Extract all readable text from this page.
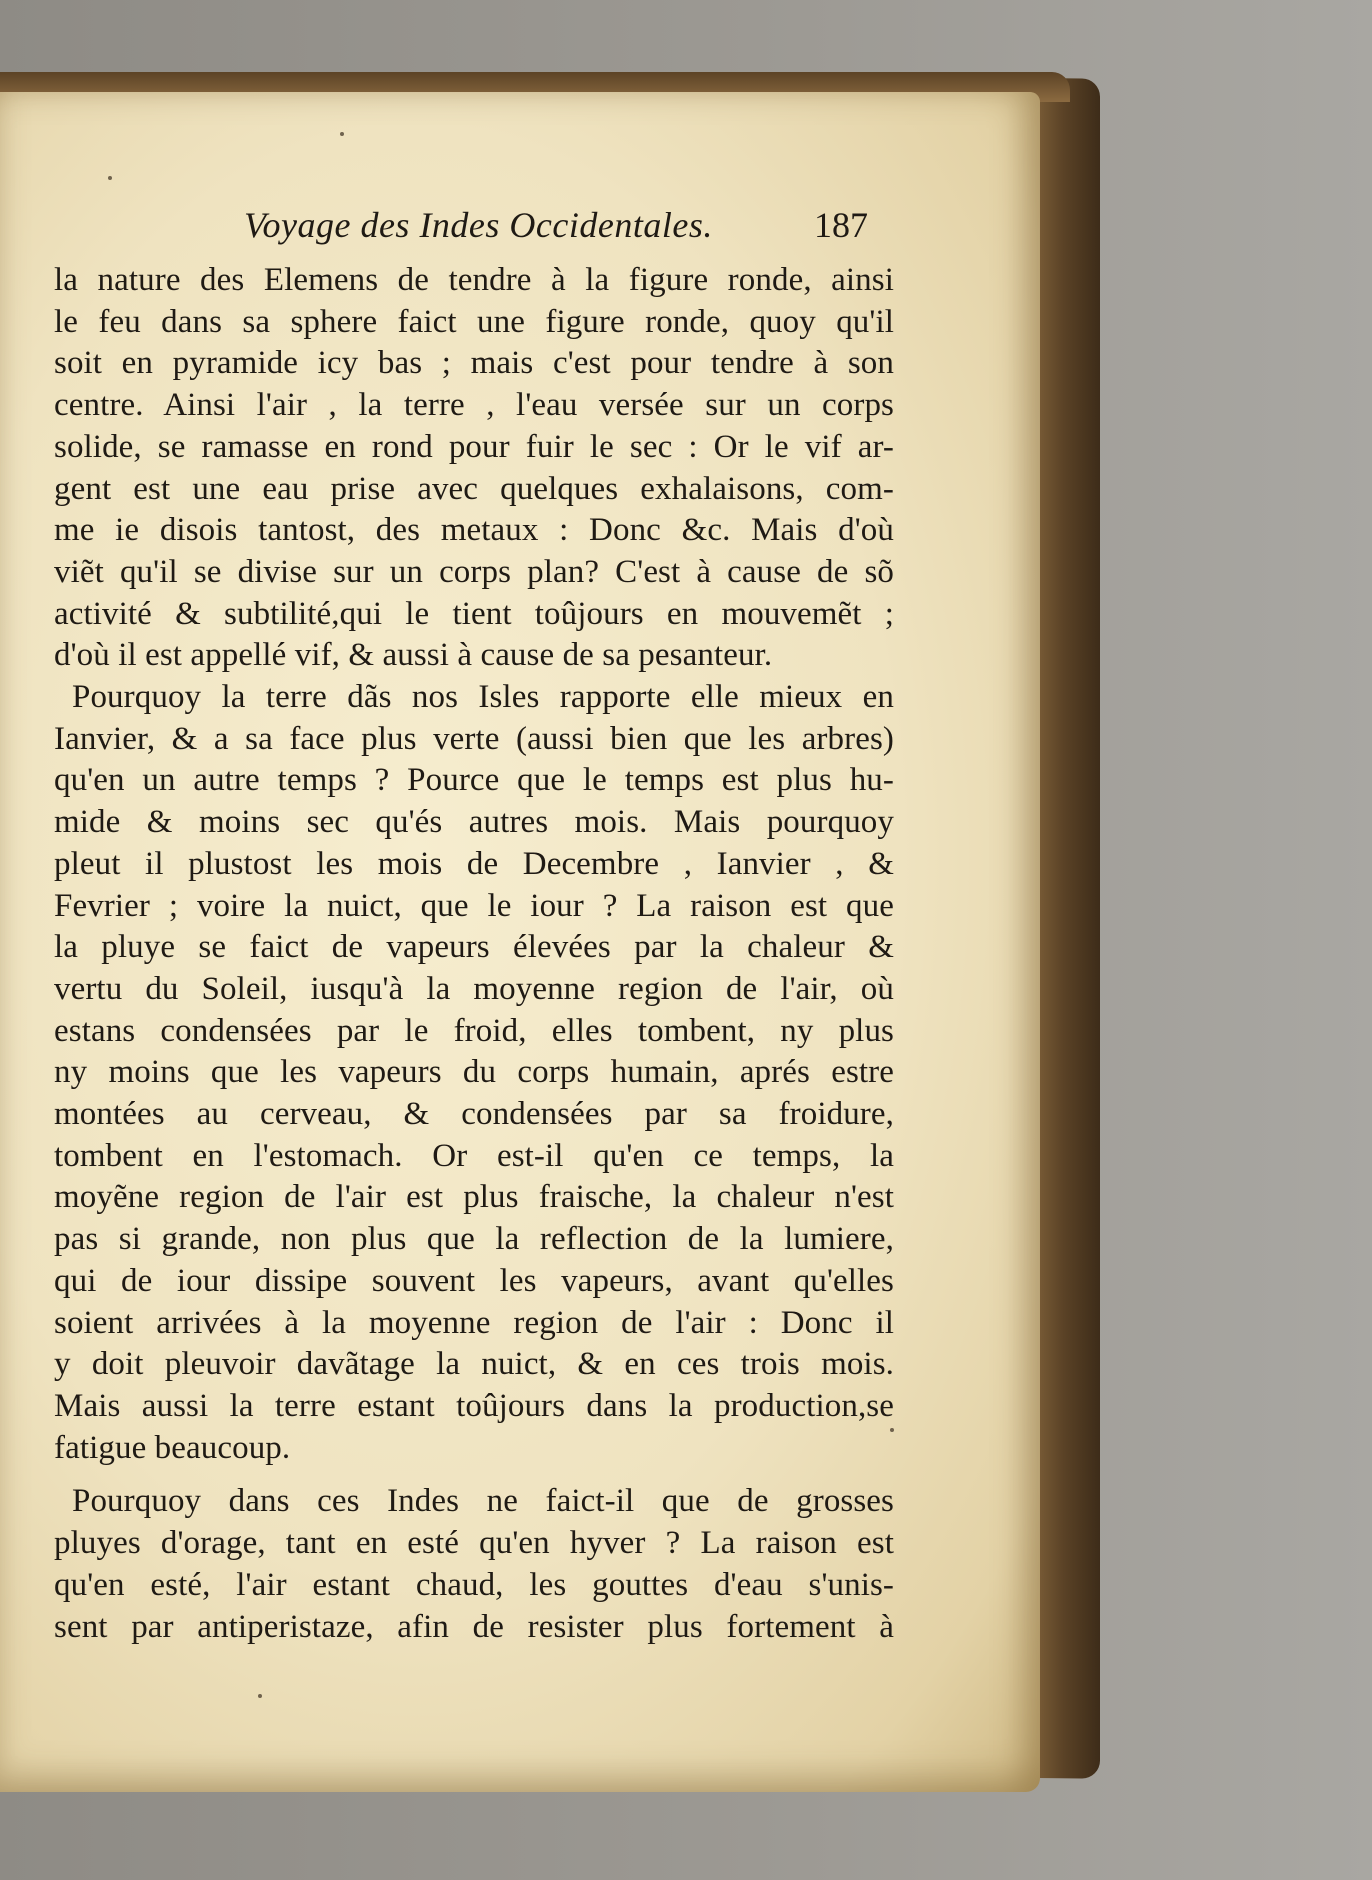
Voyage des Indes Occidentales.	187
la nature des Elemens de tendre à la figure ronde, ainsi
le feu dans sa sphere faict une figure ronde, quoy qu'il
soit en pyramide icy bas ; mais c'est pour tendre à son
centre. Ainsi l'air , la terre , l'eau versée sur un corps
solide, se ramasse en rond pour fuir le sec : Or le vif ar-
gent est une eau prise avec quelques exhalaisons, com-
me ie disois tantost, des metaux : Donc &c. Mais d'où
viẽt qu'il se divise sur un corps plan? C'est à cause de sõ
activité & subtilité,qui le tient toûjours en mouvemẽt ;
d'où il est appellé vif, & aussi à cause de sa pesanteur.
Pourquoy la terre dãs nos Isles rapporte elle mieux en
Ianvier, & a sa face plus verte (aussi bien que les arbres)
qu'en un autre temps ? Pource que le temps est plus hu-
mide & moins sec qu'és autres mois. Mais pourquoy
pleut il plustost les mois de Decembre , Ianvier , &
Fevrier ; voire la nuict, que le iour ? La raison est que
la pluye se faict de vapeurs élevées par la chaleur &
vertu du Soleil, iusqu'à la moyenne region de l'air, où
estans condensées par le froid, elles tombent, ny plus
ny moins que les vapeurs du corps humain, aprés estre
montées au cerveau, & condensées par sa froidure,
tombent en l'estomach. Or est-il qu'en ce temps, la
moyẽne region de l'air est plus fraische, la chaleur n'est
pas si grande, non plus que la reflection de la lumiere,
qui de iour dissipe souvent les vapeurs, avant qu'elles
soient arrivées à la moyenne region de l'air : Donc il
y doit pleuvoir davãtage la nuict, & en ces trois mois.
Mais aussi la terre estant toûjours dans la production,se
fatigue beaucoup.
Pourquoy dans ces Indes ne faict-il que de grosses
pluyes d'orage, tant en esté qu'en hyver ? La raison est
qu'en esté, l'air estant chaud, les gouttes d'eau s'unis-
sent par antiperistaze, afin de resister plus fortement à
